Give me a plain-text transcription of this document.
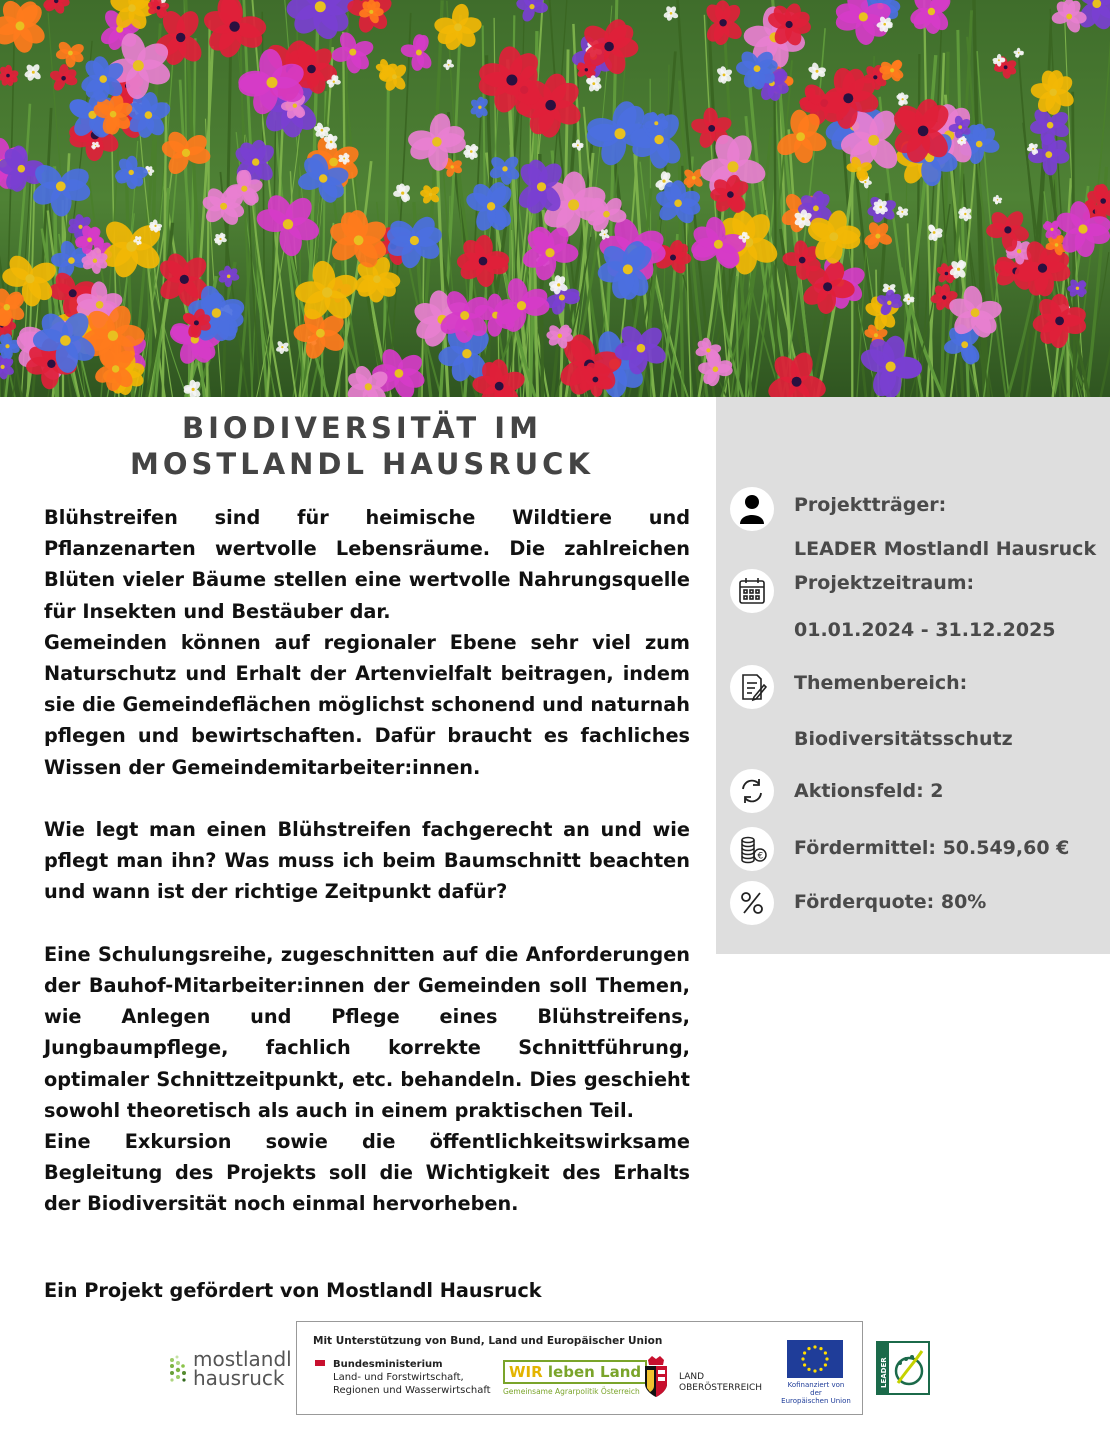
BIODIVERSITÄT IM
MOSTLANDL HAUSRUCK

Blühstreifen sind für heimische Wildtiere und Pflanzenarten wertvolle Lebensräume. Die zahlreichen Blüten vieler Bäume stellen eine wertvolle Nahrungsquelle für Insekten und Bestäuber dar.

Gemeinden können auf regionaler Ebene sehr viel zum Naturschutz und Erhalt der Artenvielfalt beitragen, indem sie die Gemeindeflächen möglichst schonend und naturnah pflegen und bewirtschaften. Dafür braucht es fachliches Wissen der Gemeindemitarbeiter:innen.

Wie legt man einen Blühstreifen fachgerecht an und wie pflegt man ihn? Was muss ich beim Baumschnitt beachten und wann ist der richtige Zeitpunkt dafür?

Eine Schulungsreihe, zugeschnitten auf die Anforderungen der Bauhof-Mitarbeiter:innen der Gemeinden soll Themen, wie Anlegen und Pflege eines Blühstreifens, Jungbaumpflege, fachlich korrekte Schnittführung, optimaler Schnittzeitpunkt, etc. behandeln. Dies geschieht sowohl theoretisch als auch in einem praktischen Teil.

Eine Exkursion sowie die öffentlichkeitswirksame Begleitung des Projekts soll die Wichtigkeit des Erhalts der Biodiversität noch einmal hervorheben.

Ein Projekt gefördert von Mostlandl Hausruck
Projektträger:
LEADER Mostlandl Hausruck
Projektzeitraum:
01.01.2024 - 31.12.2025
Themenbereich:
Biodiversitätsschutz
Aktionsfeld: 2
€ Fördermittel: 50.549,60 €
Förderquote: 80%
mostlandl
hausruck
Mit Unterstützung von Bund, Land und Europäischer Union
Bundesministerium
Land- und Forstwirtschaft,
Regionen und Wasserwirtschaft
WIR leben Land
Gemeinsame Agrarpolitik Österreich
LAND
OBERÖSTERREICH	Kofinanziert von der
Europäischen Union
LEADER
